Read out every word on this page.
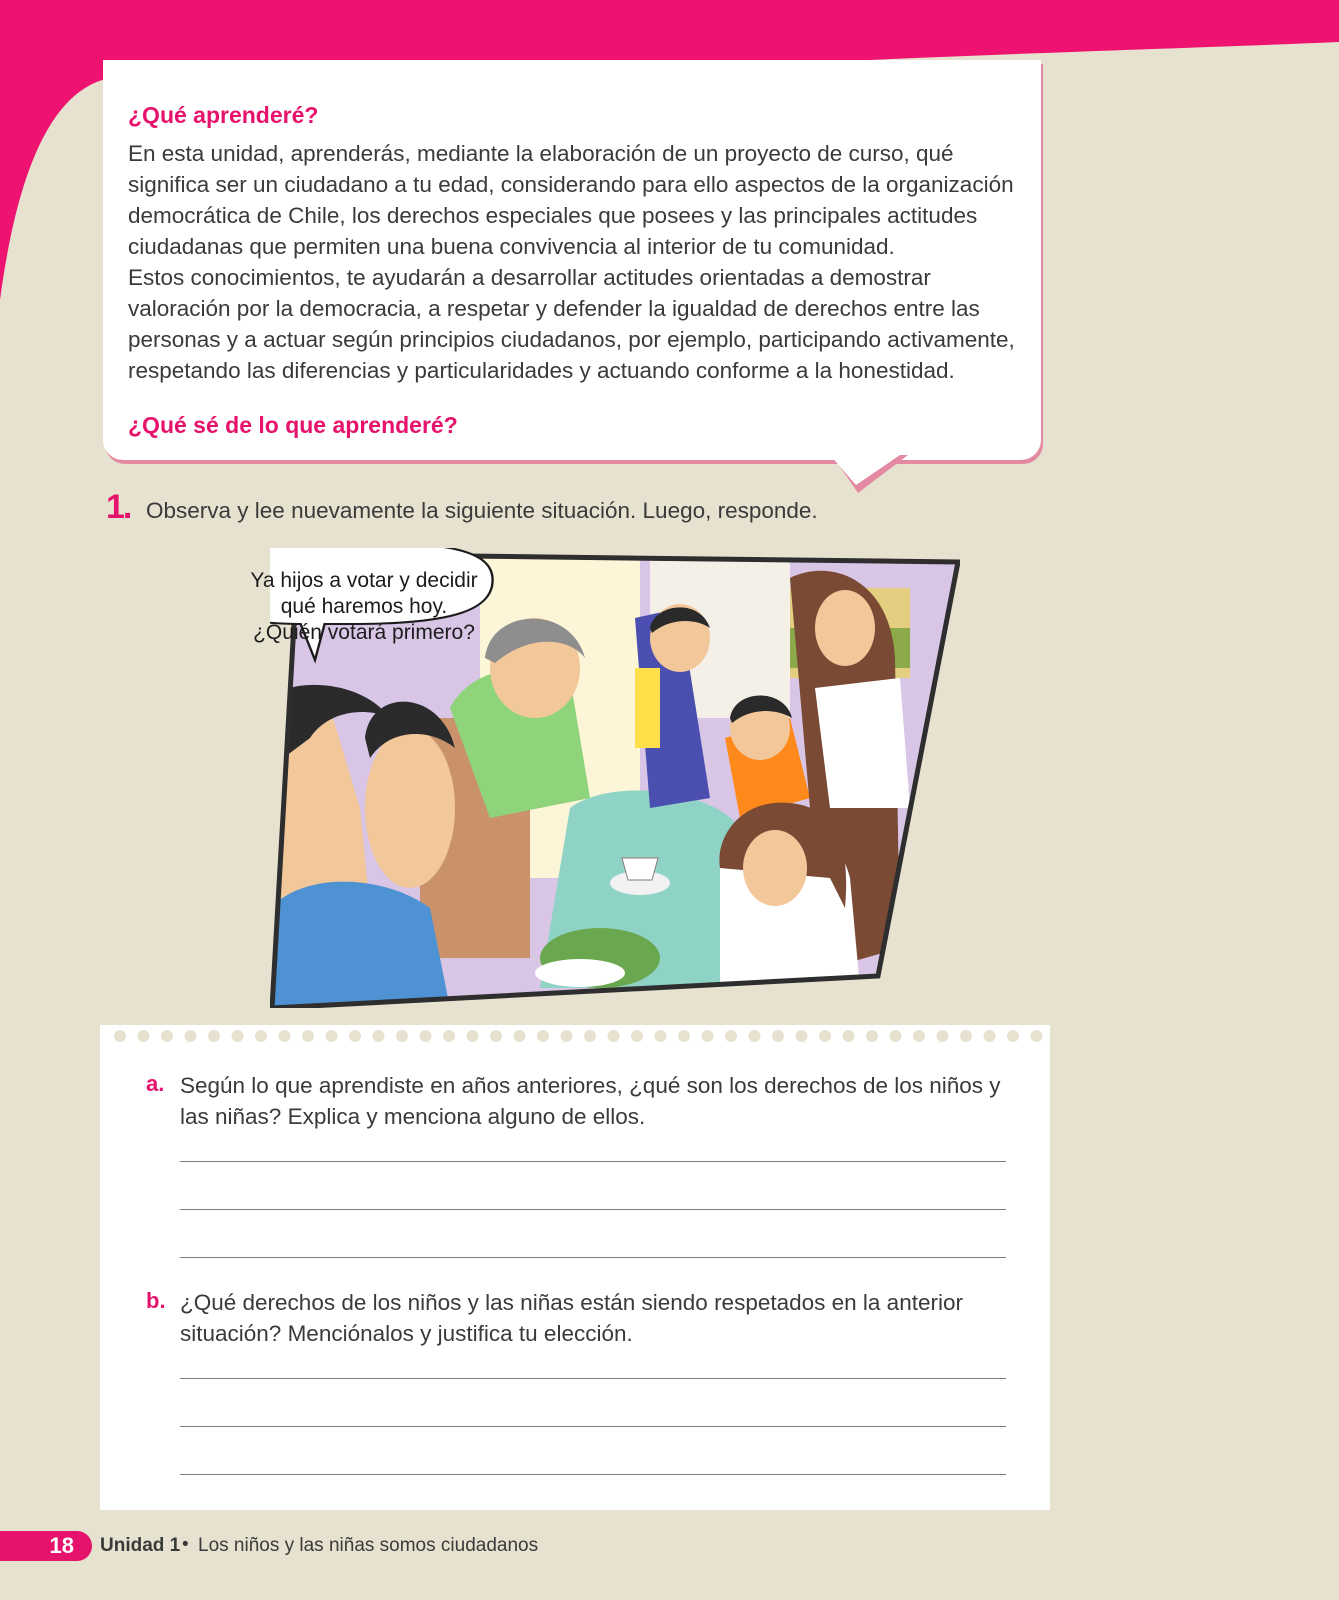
¿Qué aprenderé?

En esta unidad, aprenderás, mediante la elaboración de un proyecto de curso, qué significa ser un ciudadano a tu edad, considerando para ello aspectos de la organización democrática de Chile, los derechos especiales que posees y las principales actitudes ciudadanas que permiten una buena convivencia al interior de tu comunidad.

Estos conocimientos, te ayudarán a desarrollar actitudes orientadas a demostrar valoración por la democracia, a respetar y defender la igualdad de derechos entre las personas y a actuar según principios ciudadanos, por ejemplo, participando activamente, respetando las diferencias y particularidades y actuando conforme a la honestidad.

¿Qué sé de lo que aprenderé?
1. Observa y lee nuevamente la siguiente situación. Luego, responde.
Ya hijos a votar y decidir
qué haremos hoy.
¿Quién votará primero?
a. Según lo que aprendiste en años anteriores, ¿qué son los derechos de los niños y las niñas? Explica y menciona alguno de ellos.
b. ¿Qué derechos de los niños y las niñas están siendo respetados en la anterior situación? Menciónalos y justifica tu elección.
18	Unidad 1 • Los niños y las niñas somos ciudadanos
